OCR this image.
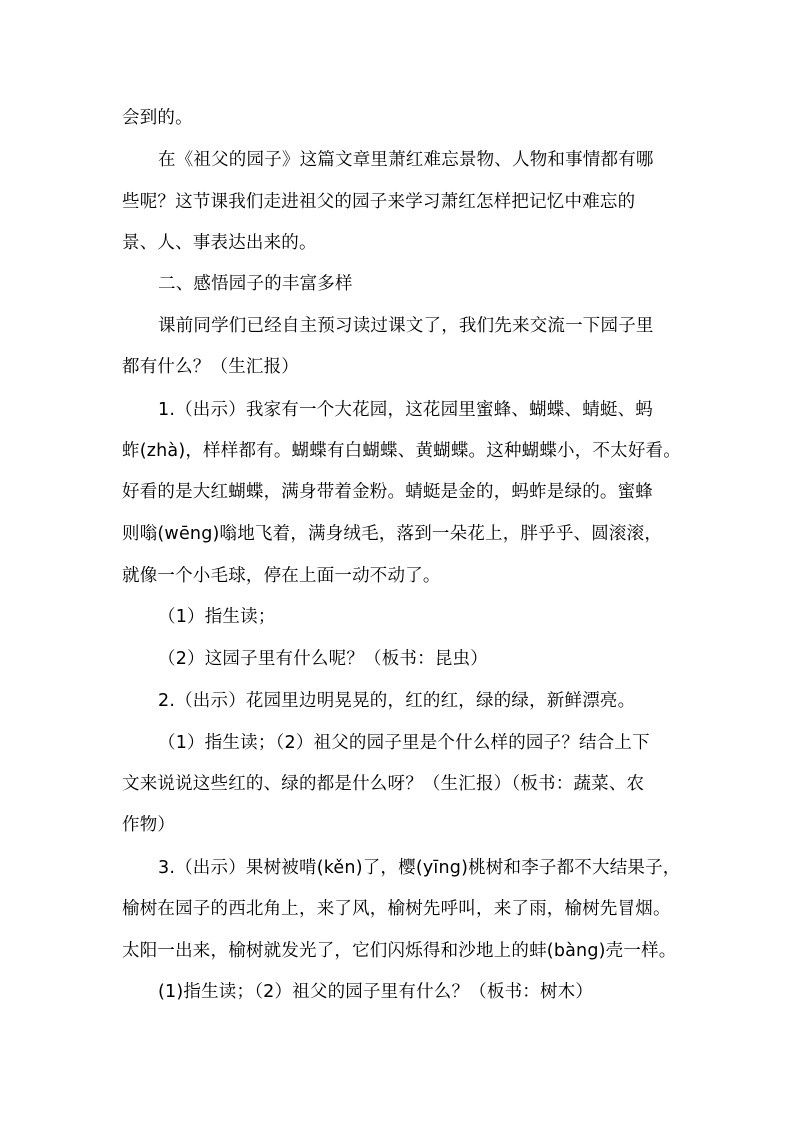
会到的。
在《祖父的园子》这篇文章里萧红难忘景物、人物和事情都有哪
些呢？这节课我们走进祖父的园子来学习萧红怎样把记忆中难忘的
景、人、事表达出来的。
二、感悟园子的丰富多样
课前同学们已经自主预习读过课文了，我们先来交流一下园子里
都有什么？（生汇报）
1.（出示）我家有一个大花园，这花园里蜜蜂、蝴蝶、蜻蜓、蚂
蚱(zhà)，样样都有。蝴蝶有白蝴蝶、黄蝴蝶。这种蝴蝶小，不太好看。
好看的是大红蝴蝶，满身带着金粉。蜻蜓是金的，蚂蚱是绿的。蜜蜂
则嗡(wēng)嗡地飞着，满身绒毛，落到一朵花上，胖乎乎、圆滚滚，
就像一个小毛球，停在上面一动不动了。
（1）指生读；
（2）这园子里有什么呢？（板书：昆虫）
2.（出示）花园里边明晃晃的，红的红，绿的绿，新鲜漂亮。
（1）指生读；（2）祖父的园子里是个什么样的园子？结合上下
文来说说这些红的、绿的都是什么呀？（生汇报）（板书：蔬菜、农
作物）
3.（出示）果树被啃(kěn)了，樱(yīng)桃树和李子都不大结果子，
榆树在园子的西北角上，来了风，榆树先呼叫，来了雨，榆树先冒烟。
太阳一出来，榆树就发光了，它们闪烁得和沙地上的蚌(bàng)壳一样。
(1)指生读；（2）祖父的园子里有什么？（板书：树木）
